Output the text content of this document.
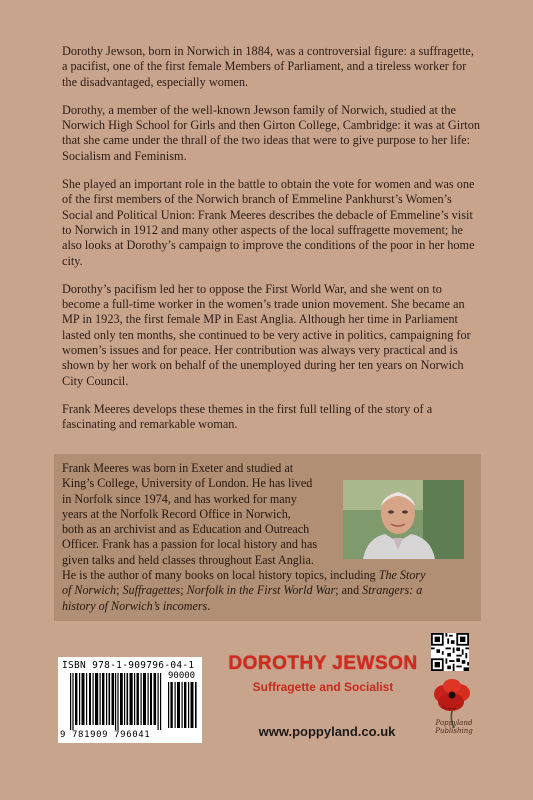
Dorothy Jewson, born in Norwich in 1884, was a controversial figure: a suffragette, a pacifist, one of the first female Members of Parliament, and a tireless worker for the disadvantaged, especially women.

Dorothy, a member of the well-known Jewson family of Norwich, studied at the Norwich High School for Girls and then Girton College, Cambridge: it was at Girton that she came under the thrall of the two ideas that were to give purpose to her life: Socialism and Feminism.

She played an important role in the battle to obtain the vote for women and was one of the first members of the Norwich branch of Emmeline Pankhurst’s Women’s Social and Political Union: Frank Meeres describes the debacle of Emmeline’s visit to Norwich in 1912 and many other aspects of the local suffragette movement; he also looks at Dorothy’s campaign to improve the conditions of the poor in her home city.

Dorothy’s pacifism led her to oppose the First World War, and she went on to become a full-time worker in the women’s trade union movement. She became an MP in 1923, the first female MP in East Anglia. Although her time in Parliament lasted only ten months, she continued to be very active in politics, campaigning for women’s issues and for peace. Her contribution was always very practical and is shown by her work on behalf of the unemployed during her ten years on Norwich City Council.

Frank Meeres develops these themes in the first full telling of the story of a fascinating and remarkable woman.

Frank Meeres was born in Exeter and studied at
King’s College, University of London. He has lived
in Norfolk since 1974, and has worked for many
years at the Norfolk Record Office in Norwich,
both as an archivist and as Education and Outreach
Officer. Frank has a passion for local history and has
given talks and held classes throughout East Anglia.
He is the author of many books on local history topics, including The Story
of Norwich; Suffragettes; Norfolk in the First World War; and Strangers: a
history of Norwich’s incomers.
ISBN 978-1-909796-04-1
90000
9 781909 796041
DOROTHY JEWSON
Suffragette and Socialist
www.poppyland.co.uk
Poppyland
Publishing
